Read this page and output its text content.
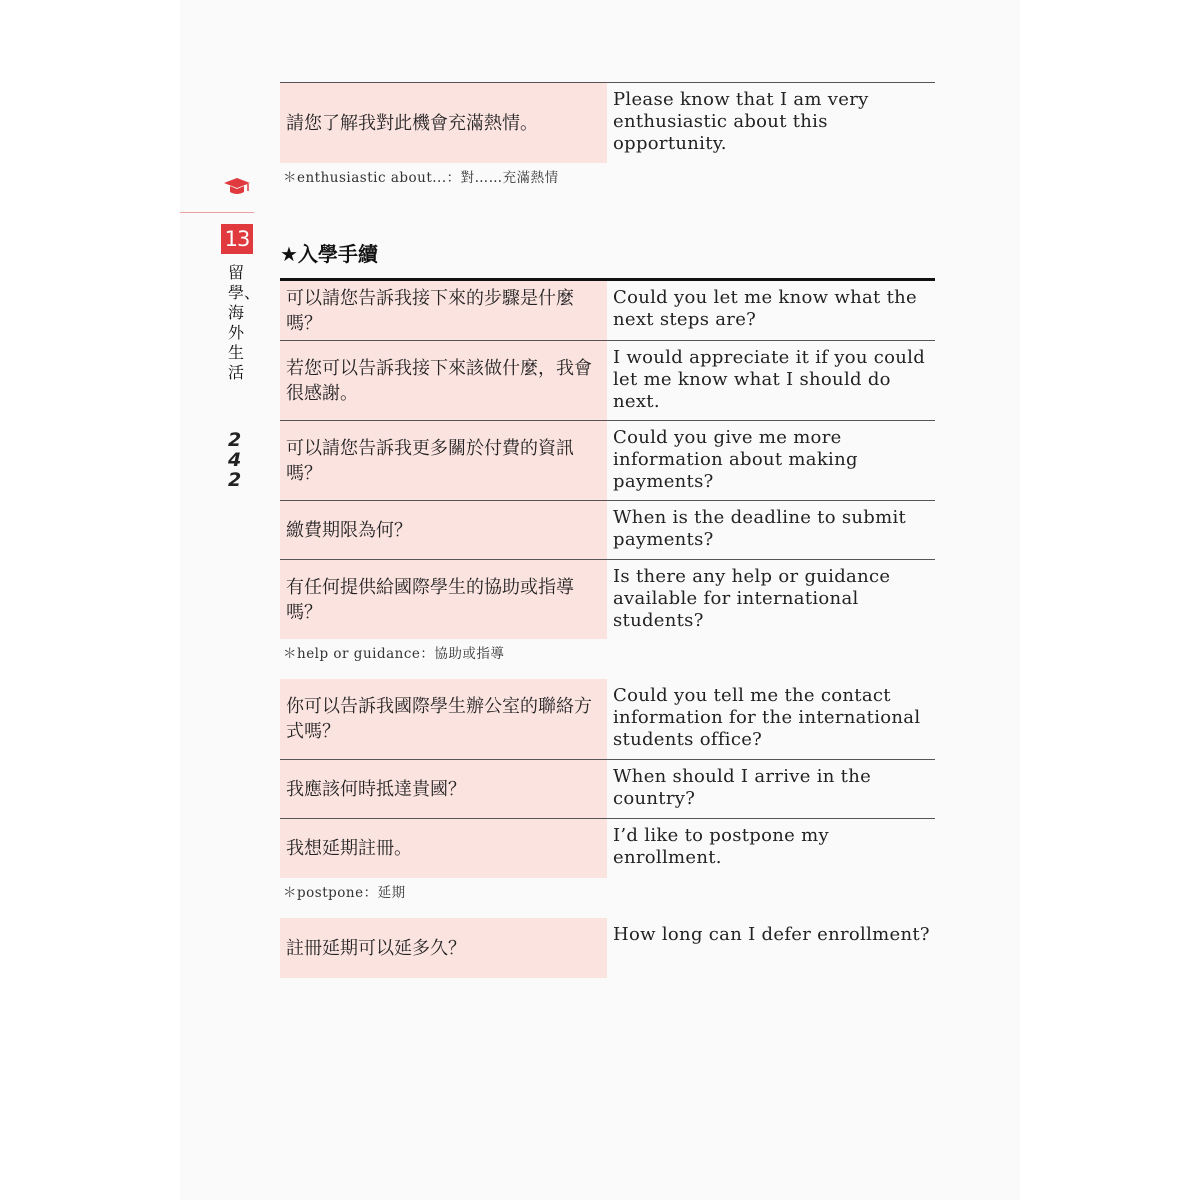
13
留學、海外生活
242
請您了解我對此機會充滿熱情。
Please know that I am very enthusiastic about this opportunity.
＊enthusiastic about...：對……充滿熱情
★入學手續
可以請您告訴我接下來的步驟是什麼嗎？
Could you let me know what the next steps are?
若您可以告訴我接下來該做什麼，我會很感謝。
I would appreciate it if you could let me know what I should do next.
可以請您告訴我更多關於付費的資訊嗎？
Could you give me more information about making payments?
繳費期限為何？
When is the deadline to submit payments?
有任何提供給國際學生的協助或指導嗎？
Is there any help or guidance available for international students?
＊help or guidance：協助或指導
你可以告訴我國際學生辦公室的聯絡方式嗎？
Could you tell me the contact information for the international students office?
我應該何時抵達貴國？
When should I arrive in the country?
我想延期註冊。
I’d like to postpone my enrollment.
＊postpone：延期
註冊延期可以延多久？
How long can I defer enrollment?
